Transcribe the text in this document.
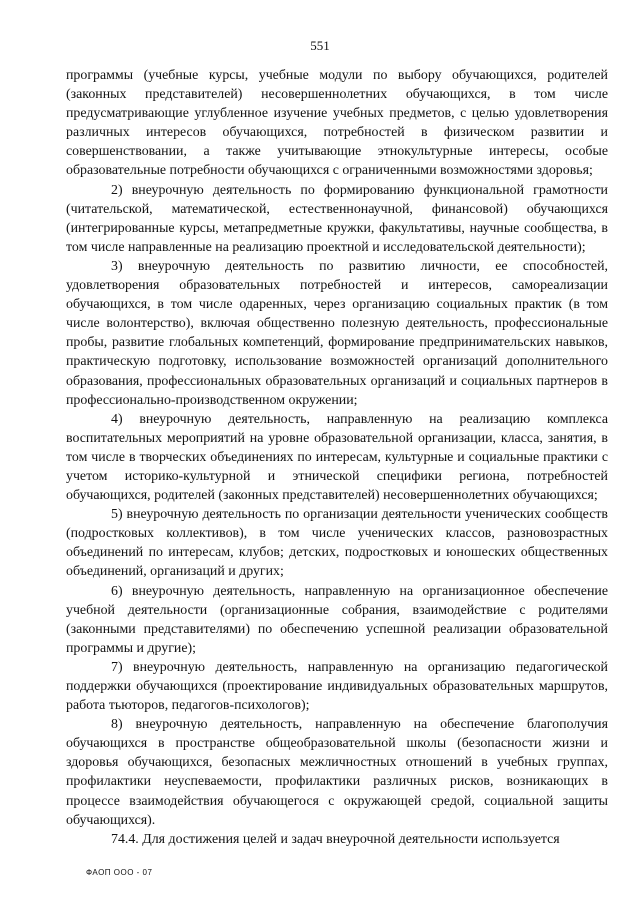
551

программы (учебные курсы, учебные модули по выбору обучающихся, родителей (законных представителей) несовершеннолетних обучающихся, в том числе предусматривающие углубленное изучение учебных предметов, с целью удовлетворения различных интересов обучающихся, потребностей в физическом развитии и совершенствовании, а также учитывающие этнокультурные интересы, особые образовательные потребности обучающихся с ограниченными возможностями здоровья;

2) внеурочную деятельность по формированию функциональной грамотности (читательской, математической, естественнонаучной, финансовой) обучающихся (интегрированные курсы, метапредметные кружки, факультативы, научные сообщества, в том числе направленные на реализацию проектной и исследовательской деятельности);

3) внеурочную деятельность по развитию личности, ее способностей, удовлетворения образовательных потребностей и интересов, самореализации обучающихся, в том числе одаренных, через организацию социальных практик (в том числе волонтерство), включая общественно полезную деятельность, профессиональные пробы, развитие глобальных компетенций, формирование предпринимательских навыков, практическую подготовку, использование возможностей организаций дополнительного образования, профессиональных образовательных организаций и социальных партнеров в профессионально-производственном окружении;

4) внеурочную деятельность, направленную на реализацию комплекса воспитательных мероприятий на уровне образовательной организации, класса, занятия, в том числе в творческих объединениях по интересам, культурные и социальные практики с учетом историко-культурной и этнической специфики региона, потребностей обучающихся, родителей (законных представителей) несовершеннолетних обучающихся;

5) внеурочную деятельность по организации деятельности ученических сообществ (подростковых коллективов), в том числе ученических классов, разновозрастных объединений по интересам, клубов; детских, подростковых и юношеских общественных объединений, организаций и других;

6) внеурочную деятельность, направленную на организационное обеспечение учебной деятельности (организационные собрания, взаимодействие с родителями (законными представителями) по обеспечению успешной реализации образовательной программы и другие);

7) внеурочную деятельность, направленную на организацию педагогической поддержки обучающихся (проектирование индивидуальных образовательных маршрутов, работа тьюторов, педагогов-психологов);

8) внеурочную деятельность, направленную на обеспечение благополучия обучающихся в пространстве общеобразовательной школы (безопасности жизни и здоровья обучающихся, безопасных межличностных отношений в учебных группах, профилактики неуспеваемости, профилактики различных рисков, возникающих в процессе взаимодействия обучающегося с окружающей средой, социальной защиты обучающихся).

74.4. Для достижения целей и задач внеурочной деятельности используется

ФАОП ООО - 07
